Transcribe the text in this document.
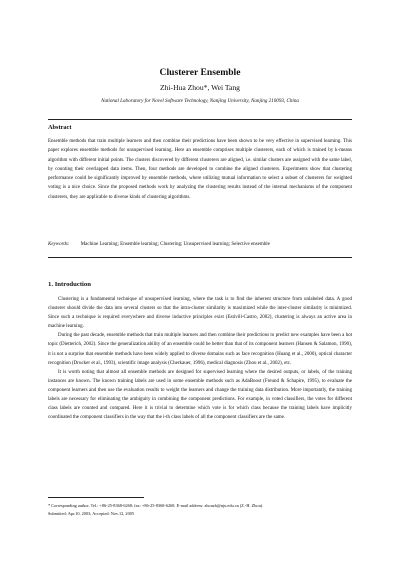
Clusterer Ensemble
Zhi-Hua Zhou*, Wei Tang
National Laboratory for Novel Software Technology, Nanjing University, Nanjing 210093, China
Abstract
Ensemble methods that train multiple learners and then combine their predictions have been shown to be very effective in supervised learning. This paper explores ensemble methods for unsupervised learning. Here an ensemble comprises multiple clusterers, each of which is trained by k-means algorithm with different initial points. The clusters discovered by different clusterers are aligned, i.e. similar clusters are assigned with the same label, by counting their overlapped data items. Then, four methods are developed to combine the aligned clusterers. Experiments show that clustering performance could be significantly improved by ensemble methods, where utilizing mutual information to select a subset of clusterers for weighted voting is a nice choice. Since the proposed methods work by analyzing the clustering results instead of the internal mechanisms of the component clusterers, they are applicable to diverse kinds of clustering algorithms.
Keywords: Machine Learning; Ensemble learning; Clustering; Unsupervised learning; Selective ensemble
1. Introduction

Clustering is a fundamental technique of unsupervised learning, where the task is to find the inherent structure from unlabeled data. A good clusterer should divide the data into several clusters so that the intra-cluster similarity is maximized while the inter-cluster similarity is minimized. Since such a technique is required everywhere and diverse inductive principles exist (Estivill-Castro, 2002), clustering is always an active area in machine learning.

During the past decade, ensemble methods that train multiple learners and then combine their predictions to predict new examples have been a hot topic (Dietterich, 2002). Since the generalization ability of an ensemble could be better than that of its component learners (Hansen & Salamon, 1990), it is not a surprise that ensemble methods have been widely applied to diverse domains such as face recognition (Huang et al., 2000), optical character recognition (Drucker et al., 1993), scientific image analysis (Cherkauer, 1996), medical diagnosis (Zhou et al., 2002), etc.

It is worth noting that almost all ensemble methods are designed for supervised learning where the desired outputs, or labels, of the training instances are known. The known training labels are used in some ensemble methods such as AdaBoost (Freund & Schapire, 1995), to evaluate the component learners and then use the evaluation results to weight the learners and change the training data distribution. More importantly, the training labels are necessary for eliminating the ambiguity in combining the component predictions. For example, in voted classifiers, the votes for different class labels are counted and compared. Here it is trivial to determine which vote is for which class because the training labels have implicitly coordinated the component classifiers in the way that the i-th class labels of all the component classifiers are the same.

* Corresponding author. Tel.: +86-25-8368-6268; fax: +86-25-8368-6268. E-mail address: zhouzh@nju.edu.cn (Z.-H. Zhou).
Submitted: Apr.10, 2003; Accepted: Nov.12, 2005
